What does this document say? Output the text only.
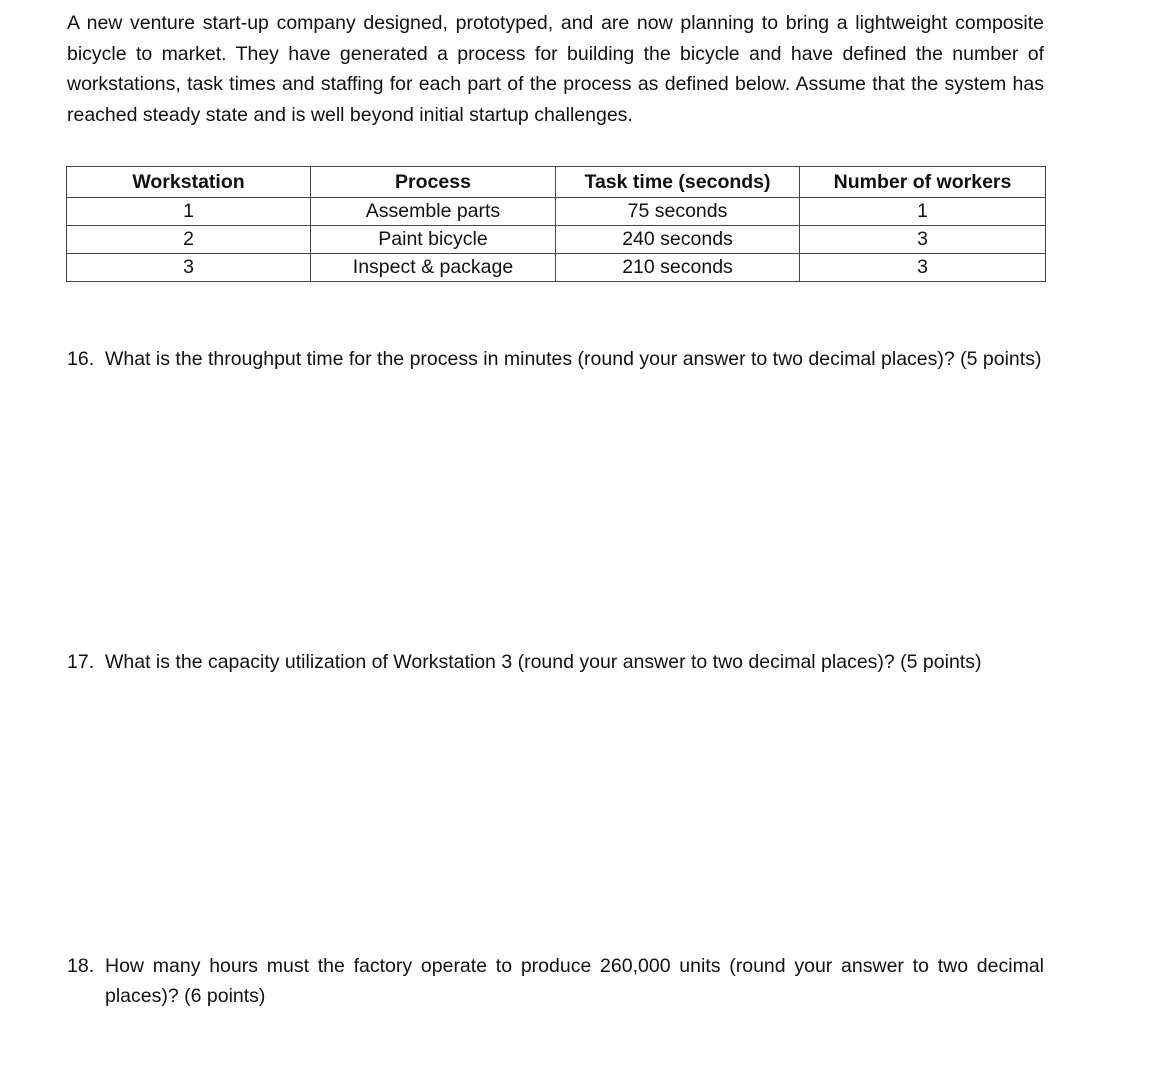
A new venture start-up company designed, prototyped, and are now planning to bring a lightweight composite bicycle to market. They have generated a process for building the bicycle and have defined the number of workstations, task times and staffing for each part of the process as defined below. Assume that the system has reached steady state and is well beyond initial startup challenges.

Workstation	Process	Task time (seconds)	Number of workers
1	Assemble parts	75 seconds	1
2	Paint bicycle	240 seconds	3
3	Inspect & package	210 seconds	3
16. What is the throughput time for the process in minutes (round your answer to two decimal places)? (5 points)
17. What is the capacity utilization of Workstation 3 (round your answer to two decimal places)? (5 points)
18. How many hours must the factory operate to produce 260,000 units (round your answer to two decimal places)? (6 points)
